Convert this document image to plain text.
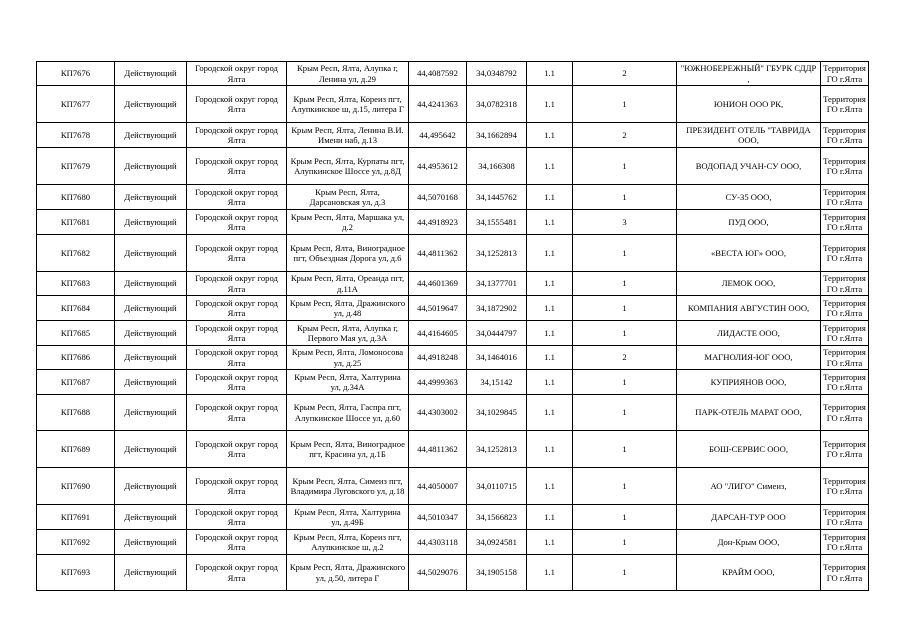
КП7676	Действующий	Городской округ город Ялта	Крым Респ, Ялта, Алупка г, Ленина ул, д.29	44,4087592	34,0348792	1.1	2	"ЮЖНОБЕРЕЖНЫЙ" ГБУРК СДДР ,	Территория ГО г.Ялта
КП7677	Действующий	Городской округ город Ялта	Крым Респ, Ялта, Кореиз пгт, Алупкинское ш, д.15, литера Г	44,4241363	34,0782318	1.1	1	ЮНИОН ООО РК,	Территория ГО г.Ялта
КП7678	Действующий	Городской округ город Ялта	Крым Респ, Ялта, Ленина В.И. Имени наб, д.13	44,495642	34,1662894	1.1	2	ПРЕЗИДЕНТ ОТЕЛЬ "ТАВРИДА ООО,	Территория ГО г.Ялта
КП7679	Действующий	Городской округ город Ялта	Крым Респ, Ялта, Курпаты пгт, Алупкинское Шоссе ул, д.8Д	44,4953612	34,166308	1.1	1	ВОДОПАД УЧАН-СУ ООО,	Территория ГО г.Ялта
КП7680	Действующий	Городской округ город Ялта	Крым Респ, Ялта, Дарсановская ул, д.3	44,5070168	34,1445762	1.1	1	СУ-35 ООО,	Территория ГО г.Ялта
КП7681	Действующий	Городской округ город Ялта	Крым Респ, Ялта, Маршака ул, д.2	44,4918923	34,1555481	1.1	3	ПУД ООО,	Территория ГО г.Ялта
КП7682	Действующий	Городской округ город Ялта	Крым Респ, Ялта, Виноградное пгт, Объездная Дорога ул, д.6	44,4811362	34,1252813	1.1	1	«ВЕСТА ЮГ» ООО,	Территория ГО г.Ялта
КП7683	Действующий	Городской округ город Ялта	Крым Респ, Ялта, Ореанда пгт, д.11А	44,4601369	34,1377701	1.1	1	ЛЕМОК ООО,	Территория ГО г.Ялта
КП7684	Действующий	Городской округ город Ялта	Крым Респ, Ялта, Дражинского ул, д.48	44,5019647	34,1872902	1.1	1	КОМПАНИЯ АВГУСТИН ООО,	Территория ГО г.Ялта
КП7685	Действующий	Городской округ город Ялта	Крым Респ, Ялта, Алупка г, Первого Мая ул, д.3А	44,4164605	34,0444797	1.1	1	ЛИДАСТЕ ООО,	Территория ГО г.Ялта
КП7686	Действующий	Городской округ город Ялта	Крым Респ, Ялта, Ломоносова ул, д.25	44,4918248	34,1464016	1.1	2	МАГНОЛИЯ-ЮГ ООО,	Территория ГО г.Ялта
КП7687	Действующий	Городской округ город Ялта	Крым Респ, Ялта, Халтурина ул, д.34А	44,4999363	34,15142	1.1	1	КУПРИЯНОВ ООО,	Территория ГО г.Ялта
КП7688	Действующий	Городской округ город Ялта	Крым Респ, Ялта, Гаспра пгт, Алупкинское Шоссе ул, д.60	44,4303002	34,1029845	1.1	1	ПАРК-ОТЕЛЬ МАРАТ ООО,	Территория ГО г.Ялта
КП7689	Действующий	Городской округ город Ялта	Крым Респ, Ялта, Виноградное пгт, Красина ул, д.1Б	44,4811362	34,1252813	1.1	1	БОШ-СЕРВИС ООО,	Территория ГО г.Ялта
КП7690	Действующий	Городской округ город Ялта	Крым Респ, Ялта, Симеиз пгт, Владимира Луговского ул, д.18	44,4050007	34,0110715	1.1	1	АО "ЛИГО" Симеиз,	Территория ГО г.Ялта
КП7691	Действующий	Городской округ город Ялта	Крым Респ, Ялта, Халтурина ул, д.49Б	44,5010347	34,1566823	1.1	1	ДАРСАН-ТУР ООО	Территория ГО г.Ялта
КП7692	Действующий	Городской округ город Ялта	Крым Респ, Ялта, Кореиз пгт, Алупкинское ш, д.2	44,4303118	34,0924581	1.1	1	Дон-Крым ООО,	Территория ГО г.Ялта
КП7693	Действующий	Городской округ город Ялта	Крым Респ, Ялта, Дражинского ул, д.50, литера Г	44,5029076	34,1905158	1.1	1	КРАЙМ ООО,	Территория ГО г.Ялта
